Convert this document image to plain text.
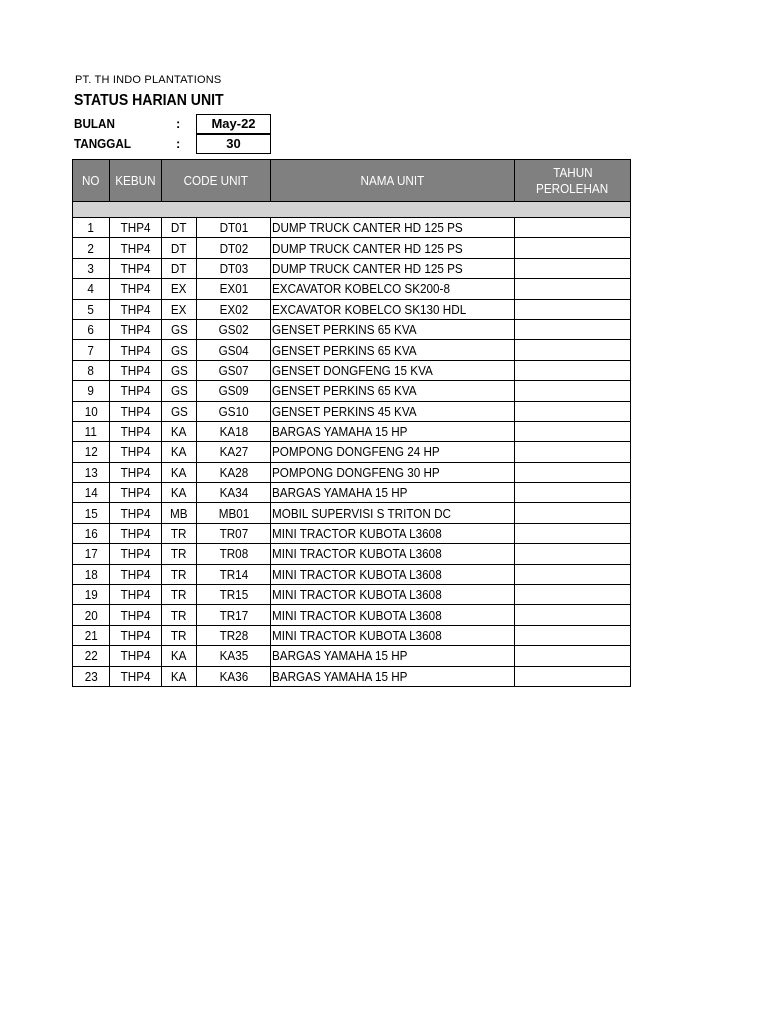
PT. TH INDO PLANTATIONS
STATUS HARIAN UNIT
BULAN	:	May-22
TANGGAL	:	30
NO	KEBUN	CODE UNIT		NAMA UNIT	TAHUN
PEROLEHAN

1	THP4	DT	DT01	DUMP TRUCK CANTER HD 125 PS	
2	THP4	DT	DT02	DUMP TRUCK CANTER HD 125 PS	
3	THP4	DT	DT03	DUMP TRUCK CANTER HD 125 PS	
4	THP4	EX	EX01	EXCAVATOR KOBELCO SK200-8	
5	THP4	EX	EX02	EXCAVATOR KOBELCO SK130 HDL	
6	THP4	GS	GS02	GENSET PERKINS 65 KVA	
7	THP4	GS	GS04	GENSET PERKINS 65 KVA	
8	THP4	GS	GS07	GENSET DONGFENG 15 KVA	
9	THP4	GS	GS09	GENSET PERKINS 65 KVA	
10	THP4	GS	GS10	GENSET PERKINS 45 KVA	
11	THP4	KA	KA18	BARGAS YAMAHA 15 HP	
12	THP4	KA	KA27	POMPONG DONGFENG 24 HP	
13	THP4	KA	KA28	POMPONG DONGFENG 30 HP	
14	THP4	KA	KA34	BARGAS YAMAHA 15 HP	
15	THP4	MB	MB01	MOBIL SUPERVISI S TRITON DC	
16	THP4	TR	TR07	MINI TRACTOR KUBOTA L3608	
17	THP4	TR	TR08	MINI TRACTOR KUBOTA L3608	
18	THP4	TR	TR14	MINI TRACTOR KUBOTA L3608	
19	THP4	TR	TR15	MINI TRACTOR KUBOTA L3608	
20	THP4	TR	TR17	MINI TRACTOR KUBOTA L3608	
21	THP4	TR	TR28	MINI TRACTOR KUBOTA L3608	
22	THP4	KA	KA35	BARGAS YAMAHA 15 HP	
23	THP4	KA	KA36	BARGAS YAMAHA 15 HP	
